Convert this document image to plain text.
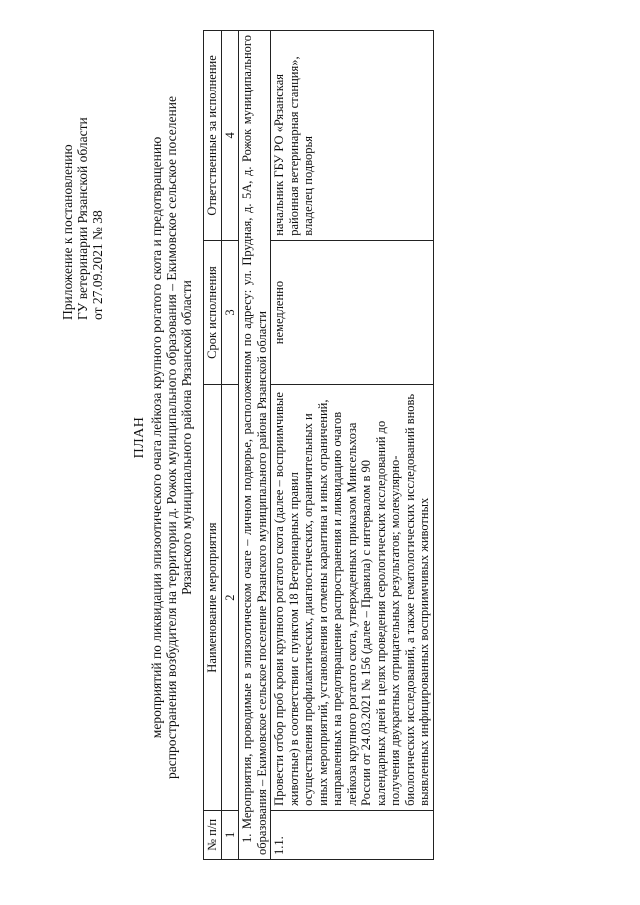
Приложение к постановлению ГУ ветеринарии Рязанской области от 27.09.2021 № 38
ПЛАН мероприятий по ликвидации эпизоотического очага лейкоза крупного рогатого скота и предотвращению распространения возбудителя на территории д. Рожок муниципального образования – Екимовское сельское поселение Рязанского муниципального района Рязанской области
№ п/п	Наименование мероприятия	Срок исполнения	Ответственные за исполнение
1	2	3	4
1. Мероприятия, проводимые в эпизоотическом очаге – личном подворье, расположенном по адресу: ул. Прудная, д. 5А, д. Рожок муниципального образования – Екимовское сельское поселение Рязанского муниципального района Рязанской области			
1.1.	Провести отбор проб крови крупного рогатого скота (далее – восприимчивые животные) в соответствии с пунктом 18 Ветеринарных правил осуществления профилактических, диагностических, ограничительных и иных мероприятий, установления и отмены карантина и иных ограничений, направленных на предотвращение распространения и ликвидацию очагов лейкоза крупного рогатого скота, утвержденных приказом Минсельхоза России от 24.03.2021 № 156 (далее – Правила) с интервалом в 90 календарных дней в целях проведения серологических исследований до получения двукратных отрицательных результатов; молекулярно-биологических исследований, а также гематологических исследований вновь выявленных инфицированных восприимчивых животных	немедленно	начальник ГБУ РО «Рязанская районная ветеринарная станция», владелец подворья
